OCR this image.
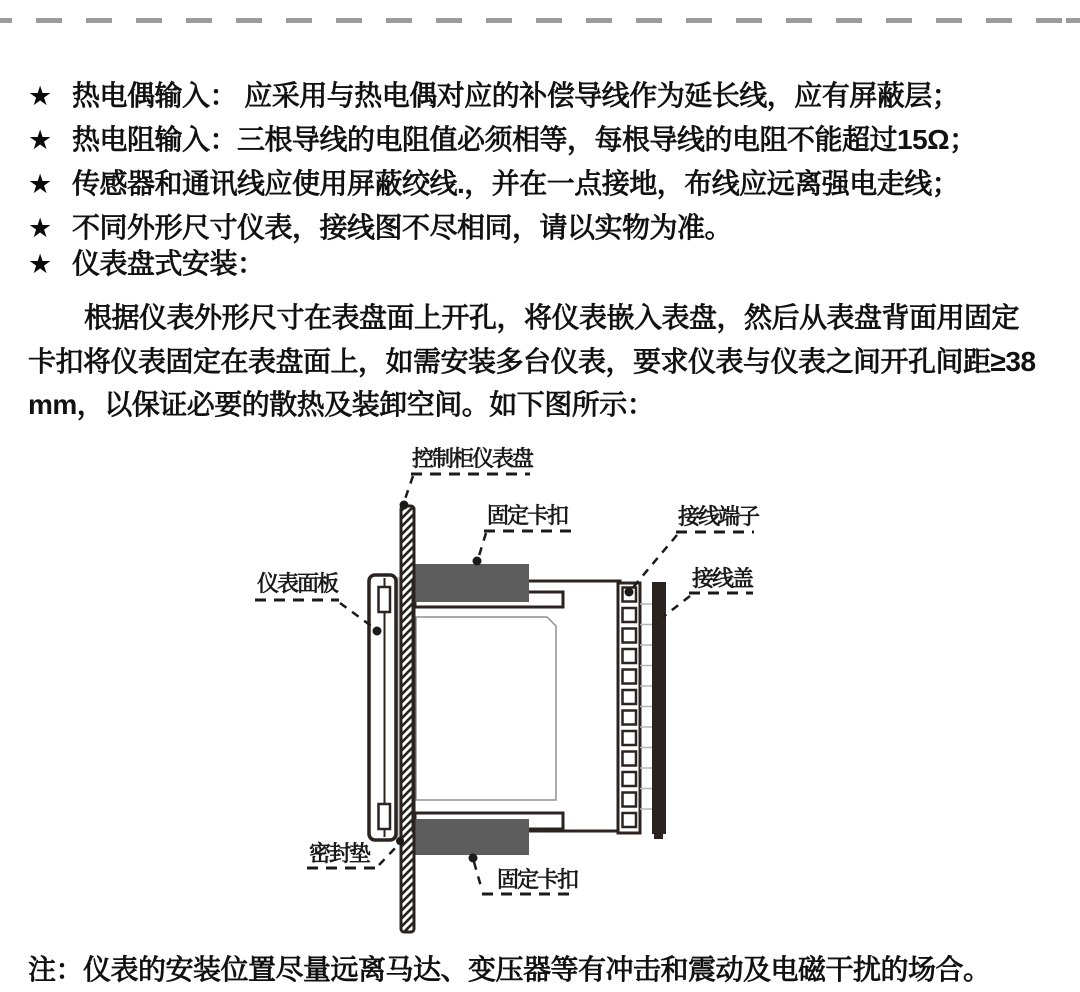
★ 热电偶输入： 应采用与热电偶对应的补偿导线作为延长线，应有屏蔽层；
★ 热电阻输入：三根导线的电阻值必须相等，每根导线的电阻不能超过15Ω；
★ 传感器和通讯线应使用屏蔽绞线.，并在一点接地，布线应远离强电走线；
★ 不同外形尺寸仪表，接线图不尽相同，请以实物为准。
★ 仪表盘式安装：
根据仪表外形尺寸在表盘面上开孔，将仪表嵌入表盘，然后从表盘背面用固定卡扣将仪表固定在表盘面上，如需安装多台仪表，要求仪表与仪表之间开孔间距≥38mm，以保证必要的散热及装卸空间。如下图所示：
控制柜仪表盘
固定卡扣	接线端子
接线盖
仪表面板
密封垫
固定卡扣
注：仪表的安装位置尽量远离马达、变压器等有冲击和震动及电磁干扰的场合。
